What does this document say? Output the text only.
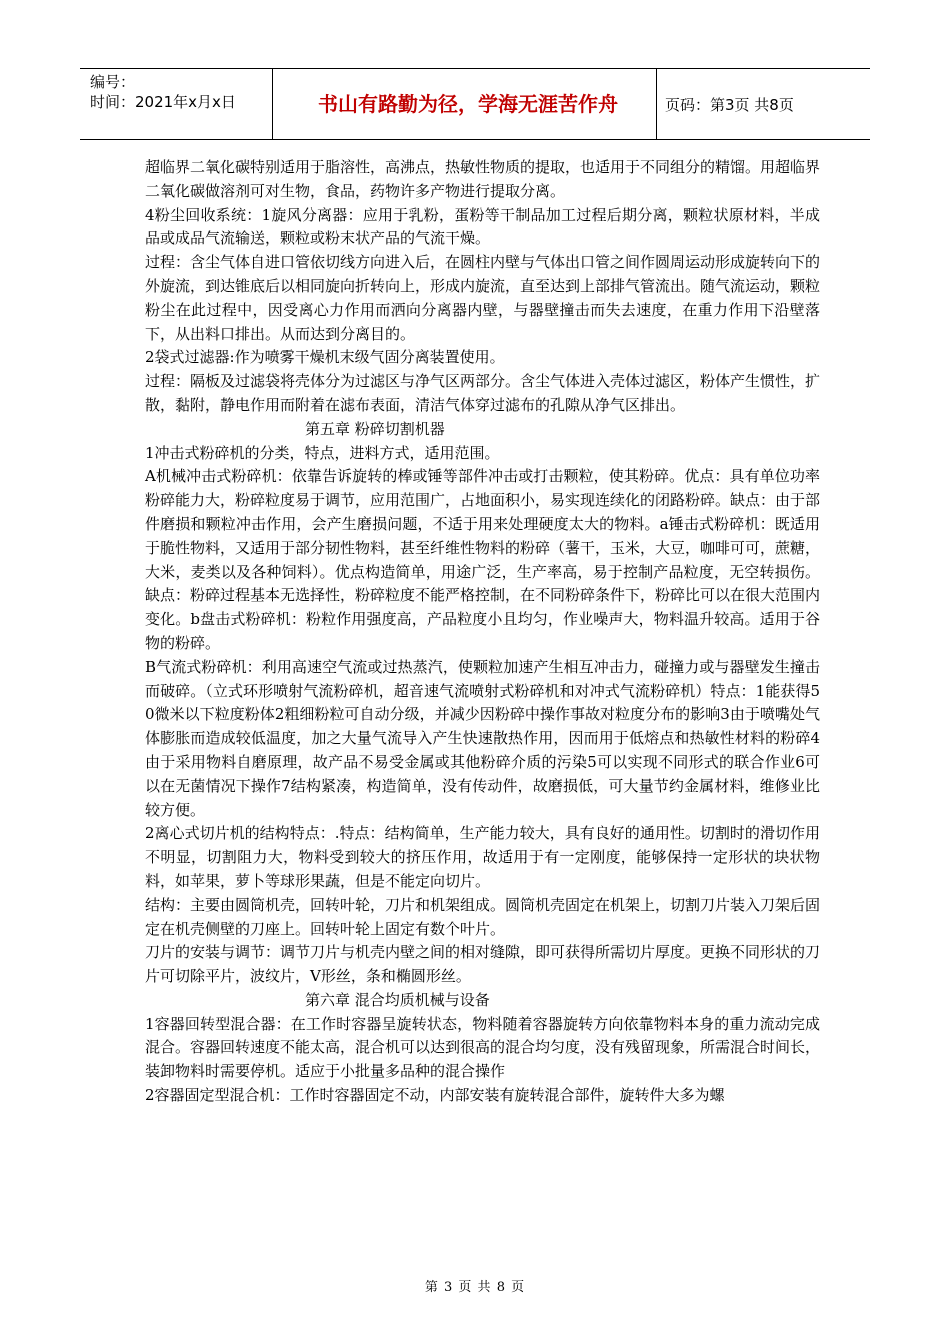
编号：
时间：2021年x月x日	书山有路勤为径，学海无涯苦作舟	页码：第3页 共8页

超临界二氧化碳特别适用于脂溶性，高沸点，热敏性物质的提取，也适用于不同组分的精馏。用超临界二氧化碳做溶剂可对生物，食品，药物许多产物进行提取分离。

4粉尘回收系统：1旋风分离器：应用于乳粉，蛋粉等干制品加工过程后期分离，颗粒状原材料，半成品或成品气流输送，颗粒或粉末状产品的气流干燥。

过程：含尘气体自进口管依切线方向进入后，在圆柱内壁与气体出口管之间作圆周运动形成旋转向下的外旋流，到达锥底后以相同旋向折转向上，形成内旋流，直至达到上部排气管流出。随气流运动，颗粒粉尘在此过程中，因受离心力作用而洒向分离器内壁，与器壁撞击而失去速度，在重力作用下沿壁落下，从出料口排出。从而达到分离目的。

2袋式过滤器:作为喷雾干燥机末级气固分离装置使用。

过程：隔板及过滤袋将壳体分为过滤区与净气区两部分。含尘气体进入壳体过滤区，粉体产生惯性，扩散，黏附，静电作用而附着在滤布表面，清洁气体穿过滤布的孔隙从净气区排出。

第五章 粉碎切割机器

1冲击式粉碎机的分类，特点，进料方式，适用范围。

A机械冲击式粉碎机：依靠告诉旋转的棒或锤等部件冲击或打击颗粒，使其粉碎。优点：具有单位功率粉碎能力大，粉碎粒度易于调节，应用范围广，占地面积小，易实现连续化的闭路粉碎。缺点：由于部件磨损和颗粒冲击作用，会产生磨损问题，不适于用来处理硬度太大的物料。a锤击式粉碎机：既适用于脆性物料，又适用于部分韧性物料，甚至纤维性物料的粉碎（薯干，玉米，大豆，咖啡可可，蔗糖，大米，麦类以及各种饲料）。优点构造简单，用途广泛，生产率高，易于控制产品粒度，无空转损伤。缺点：粉碎过程基本无选择性，粉碎粒度不能严格控制，在不同粉碎条件下，粉碎比可以在很大范围内变化。b盘击式粉碎机：粉粒作用强度高，产品粒度小且均匀，作业噪声大，物料温升较高。适用于谷物的粉碎。

B气流式粉碎机：利用高速空气流或过热蒸汽，使颗粒加速产生相互冲击力，碰撞力或与器壁发生撞击而破碎。（立式环形喷射气流粉碎机，超音速气流喷射式粉碎机和对冲式气流粉碎机）特点：1能获得50微米以下粒度粉体2粗细粉粒可自动分级，并减少因粉碎中操作事故对粒度分布的影响3由于喷嘴处气体膨胀而造成较低温度，加之大量气流导入产生快速散热作用，因而用于低熔点和热敏性材料的粉碎4由于采用物料自磨原理，故产品不易受金属或其他粉碎介质的污染5可以实现不同形式的联合作业6可以在无菌情况下操作7结构紧凑，构造简单，没有传动件，故磨损低，可大量节约金属材料，维修业比较方便。

2离心式切片机的结构特点：.特点：结构简单，生产能力较大，具有良好的通用性。切割时的滑切作用不明显，切割阻力大，物料受到较大的挤压作用，故适用于有一定刚度，能够保持一定形状的块状物料，如苹果，萝卜等球形果蔬，但是不能定向切片。

结构：主要由圆筒机壳，回转叶轮，刀片和机架组成。圆筒机壳固定在机架上，切割刀片装入刀架后固定在机壳侧壁的刀座上。回转叶轮上固定有数个叶片。

刀片的安装与调节：调节刀片与机壳内壁之间的相对缝隙，即可获得所需切片厚度。更换不同形状的刀片可切除平片，波纹片，V形丝，条和椭圆形丝。

第六章 混合均质机械与设备

1容器回转型混合器：在工作时容器呈旋转状态，物料随着容器旋转方向依靠物料本身的重力流动完成混合。容器回转速度不能太高，混合机可以达到很高的混合均匀度，没有残留现象，所需混合时间长，装卸物料时需要停机。适应于小批量多品种的混合操作

2容器固定型混合机：工作时容器固定不动，内部安装有旋转混合部件，旋转件大多为螺

第 3 页 共 8 页
